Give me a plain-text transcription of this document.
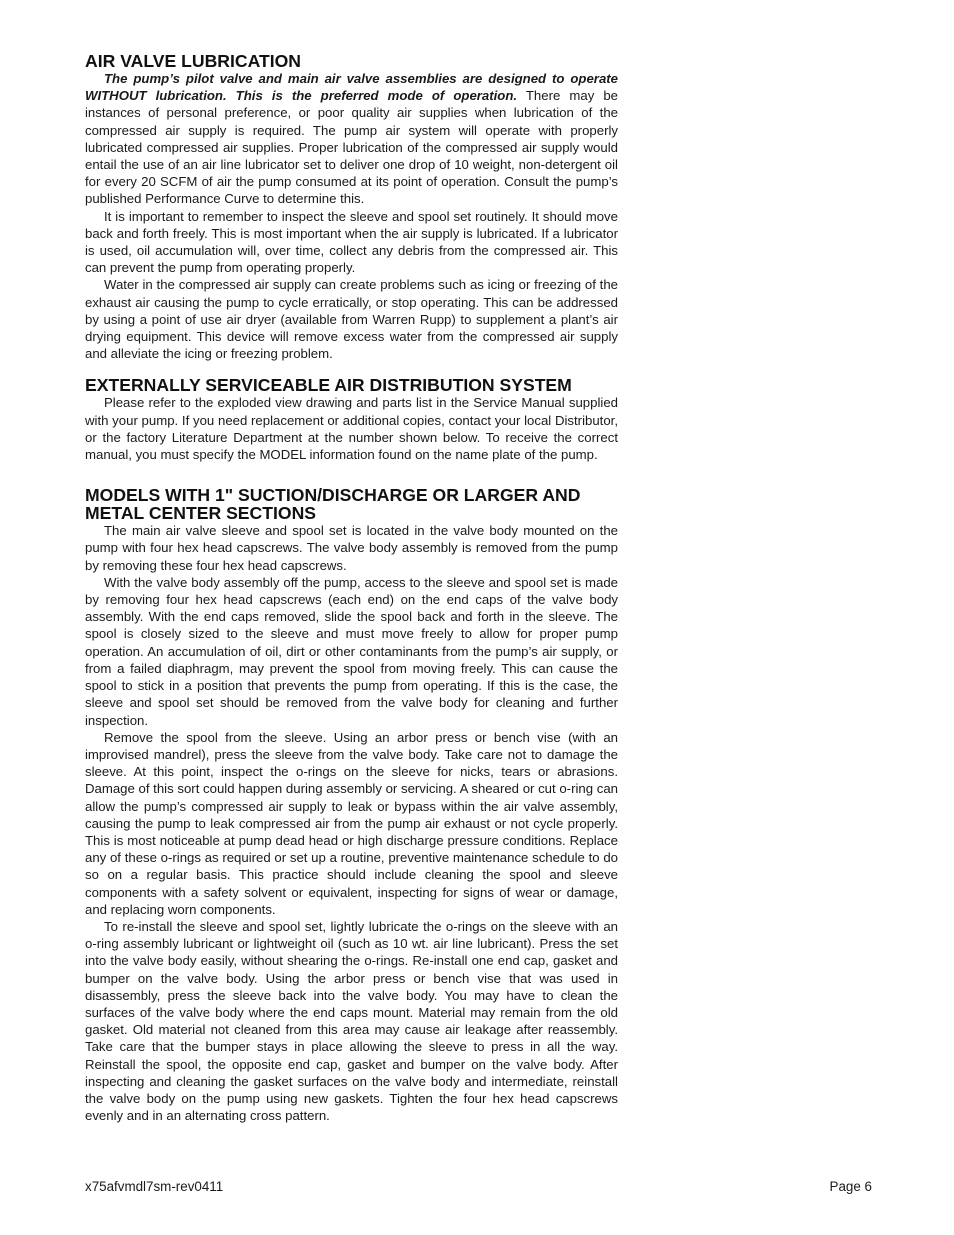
AIR VALVE LUBRICATION

The pump’s pilot valve and main air valve assemblies are designed to operate WITHOUT lubrication. This is the preferred mode of operation. There may be instances of personal preference, or poor quality air supplies when lubrication of the compressed air supply is required. The pump air system will operate with properly lubricated compressed air supplies. Proper lubrication of the compressed air supply would entail the use of an air line lubricator set to deliver one drop of 10 weight, non-detergent oil for every 20 SCFM of air the pump consumed at its point of operation. Consult the pump’s published Performance Curve to determine this.

It is important to remember to inspect the sleeve and spool set routinely. It should move back and forth freely. This is most important when the air supply is lubricated. If a lubricator is used, oil accumulation will, over time, collect any debris from the compressed air. This can prevent the pump from operating properly.

Water in the compressed air supply can create problems such as icing or freezing of the exhaust air causing the pump to cycle erratically, or stop operating. This can be addressed by using a point of use air dryer (available from Warren Rupp) to supplement a plant’s air drying equipment. This device will remove excess water from the compressed air supply and alleviate the icing or freezing problem.

EXTERNALLY SERVICEABLE AIR DISTRIBUTION SYSTEM

Please refer to the exploded view drawing and parts list in the Service Manual supplied with your pump. If you need replacement or additional copies, contact your local Distributor, or the factory Literature Department at the number shown below. To receive the correct manual, you must specify the MODEL information found on the name plate of the pump.

MODELS WITH 1" SUCTION/DISCHARGE OR LARGER AND METAL CENTER SECTIONS

The main air valve sleeve and spool set is located in the valve body mounted on the pump with four hex head capscrews. The valve body assembly is removed from the pump by removing these four hex head capscrews.

With the valve body assembly off the pump, access to the sleeve and spool set is made by removing four hex head capscrews (each end) on the end caps of the valve body assembly. With the end caps removed, slide the spool back and forth in the sleeve. The spool is closely sized to the sleeve and must move freely to allow for proper pump operation. An accumulation of oil, dirt or other contaminants from the pump’s air supply, or from a failed diaphragm, may prevent the spool from moving freely. This can cause the spool to stick in a position that prevents the pump from operating. If this is the case, the sleeve and spool set should be removed from the valve body for cleaning and further inspection.

Remove the spool from the sleeve. Using an arbor press or bench vise (with an improvised mandrel), press the sleeve from the valve body. Take care not to damage the sleeve. At this point, inspect the o-rings on the sleeve for nicks, tears or abrasions. Damage of this sort could happen during assembly or servicing. A sheared or cut o-ring can allow the pump’s compressed air supply to leak or bypass within the air valve assembly, causing the pump to leak compressed air from the pump air exhaust or not cycle properly. This is most noticeable at pump dead head or high discharge pressure conditions. Replace any of these o-rings as required or set up a routine, preventive maintenance schedule to do so on a regular basis. This practice should include cleaning the spool and sleeve components with a safety solvent or equivalent, inspecting for signs of wear or damage, and replacing worn components.

To re-install the sleeve and spool set, lightly lubricate the o-rings on the sleeve with an o-ring assembly lubricant or lightweight oil (such as 10 wt. air line lubricant). Press the set into the valve body easily, without shearing the o-rings. Re-install one end cap, gasket and bumper on the valve body. Using the arbor press or bench vise that was used in disassembly, press the sleeve back into the valve body. You may have to clean the surfaces of the valve body where the end caps mount. Material may remain from the old gasket. Old material not cleaned from this area may cause air leakage after reassembly. Take care that the bumper stays in place allowing the sleeve to press in all the way. Reinstall the spool, the opposite end cap, gasket and bumper on the valve body. After inspecting and cleaning the gasket surfaces on the valve body and intermediate, reinstall the valve body on the pump using new gaskets. Tighten the four hex head capscrews evenly and in an alternating cross pattern.

x75afvmdl7sm-rev0411	Page 6
